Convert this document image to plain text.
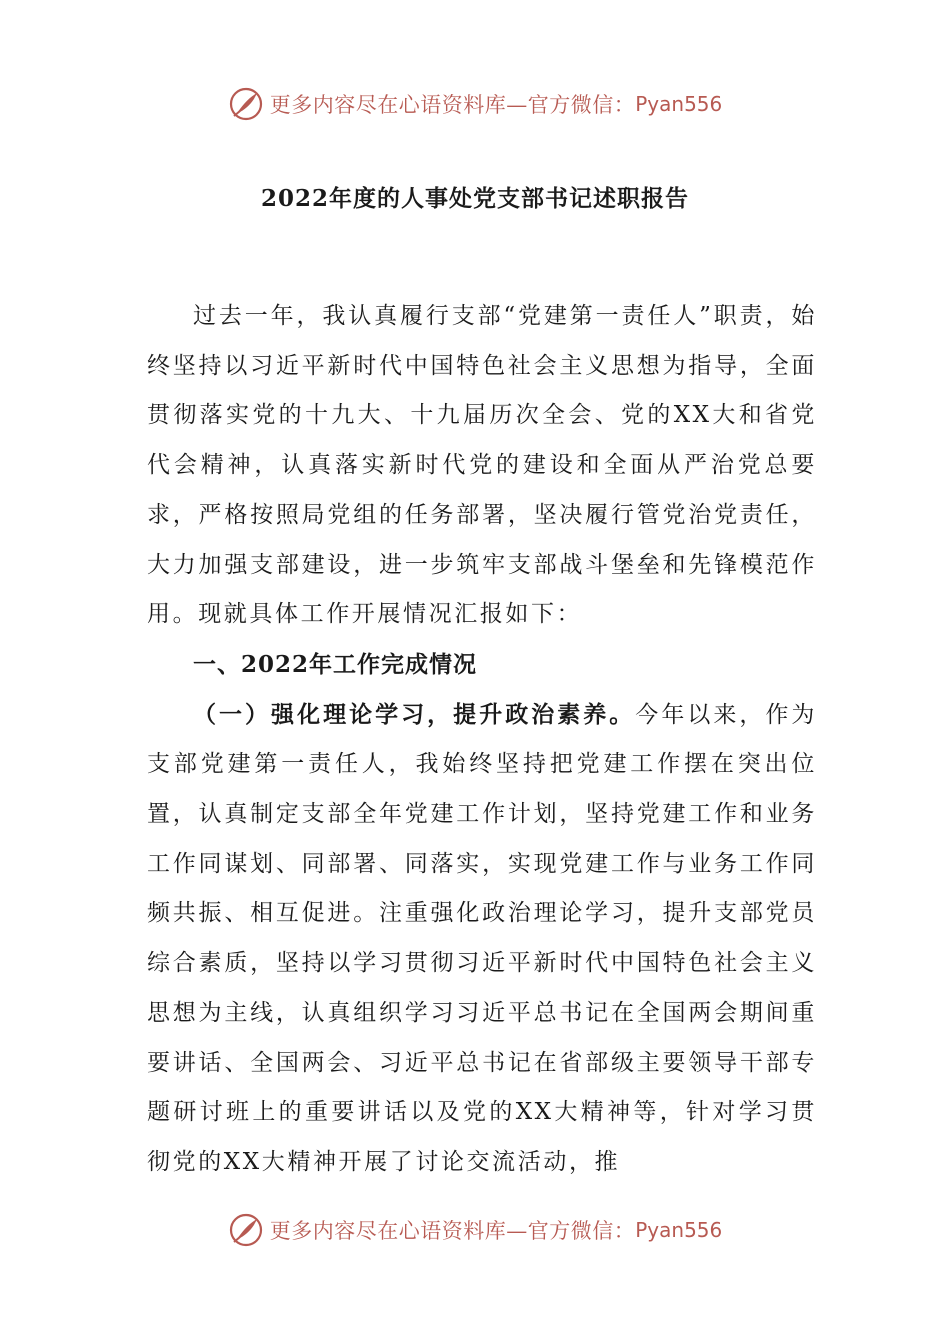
更多内容尽在心语资料库—官方微信： Pyan556
2022年度的人事处党支部书记述职报告

过去一年，我认真履行支部“党建第一责任人”职责，始终坚持以习近平新时代中国特色社会主义思想为指导，全面贯彻落实党的十九大、十九届历次全会、党的XX大和省党代会精神，认真落实新时代党的建设和全面从严治党总要求，严格按照局党组的任务部署，坚决履行管党治党责任，大力加强支部建设，进一步筑牢支部战斗堡垒和先锋模范作用。现就具体工作开展情况汇报如下：

一、2022年工作完成情况

（一）强化理论学习，提升政治素养。今年以来，作为支部党建第一责任人，我始终坚持把党建工作摆在突出位置，认真制定支部全年党建工作计划，坚持党建工作和业务工作同谋划、同部署、同落实，实现党建工作与业务工作同频共振、相互促进。注重强化政治理论学习，提升支部党员综合素质，坚持以学习贯彻习近平新时代中国特色社会主义思想为主线，认真组织学习习近平总书记在全国两会期间重要讲话、全国两会、习近平总书记在省部级主要领导干部专题研讨班上的重要讲话以及党的XX大精神等，针对学习贯彻党的XX大精神开展了讨论交流活动，推

更多内容尽在心语资料库—官方微信： Pyan556
